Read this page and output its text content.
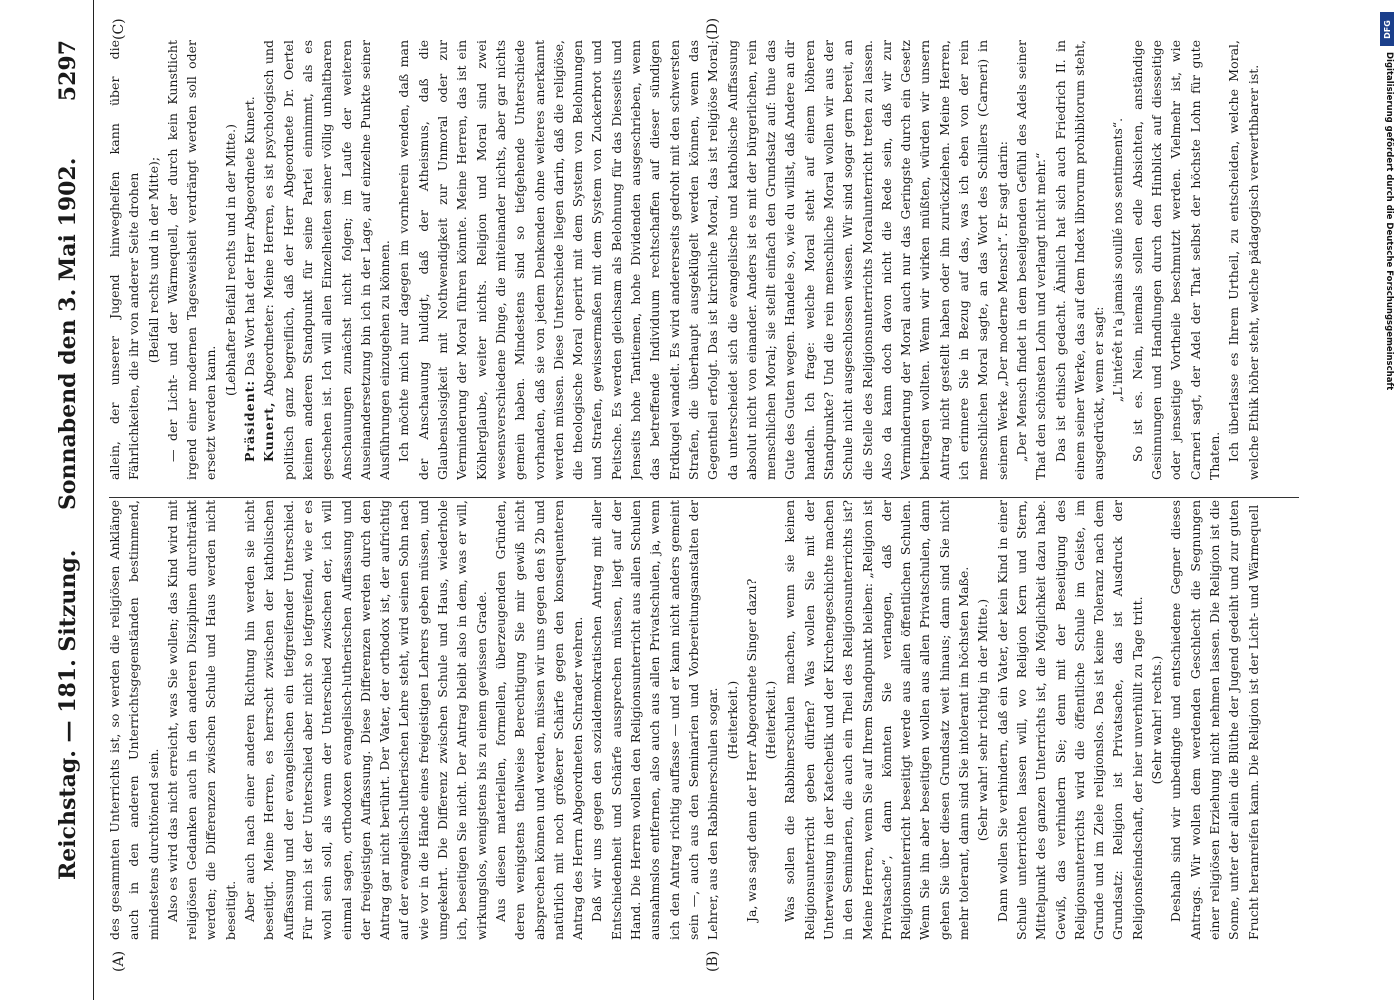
Reichstag. — 181. Sitzung.
Sonnabend den 3. Mai 1902.
5297
(A)	(B)
(C)	(D)

des gesammten Unterrichts ist, so werden die religiösen Anklänge auch in den anderen Unterrichtsgegenständen bestimmend, mindestens durchtönend sein. Also es wird das nicht erreicht, was Sie wollen; das Kind wird mit religiösen Gedanken auch in den anderen Disziplinen durchtränkt werden; die Differenzen zwischen Schule und Haus werden nicht beseitigt. Aber auch nach einer anderen Richtung hin werden sie nicht beseitigt. Meine Herren, es herrscht zwischen der katholischen Auffassung und der evangelischen ein tiefgreifender Unterschied. Für mich ist der Unterschied aber nicht so tiefgreifend, wie er es wohl sein soll, als wenn der Unterschied zwischen der, ich will einmal sagen, orthodoxen evangelisch-lutherischen Auffassung und der freigeistigen Auffassung. Diese Differenzen werden durch den Antrag gar nicht berührt. Der Vater, der orthodox ist, der aufrichtig auf der evangelisch-lutherischen Lehre steht, wird seinen Sohn nach wie vor in die Hände eines freigeistigen Lehrers geben müssen, und umgekehrt. Die Differenz zwischen Schule und Haus, wiederhole ich, beseitigen Sie nicht. Der Antrag bleibt also in dem, was er will, wirkungslos, wenigstens bis zu einem gewissen Grade. Aus diesen materiellen, formellen, überzeugenden Gründen, deren wenigstens theilweise Berechtigung Sie mir gewiß nicht absprechen können und werden, müssen wir uns gegen den § 2b und natürlich mit noch größerer Schärfe gegen den konsequenteren Antrag des Herrn Abgeordneten Schrader wehren. Daß wir uns gegen den sozialdemokratischen Antrag mit aller Entschiedenheit und Schärfe aussprechen müssen, liegt auf der Hand. Die Herren wollen den Religionsunterricht aus allen Schulen ausnahmslos entfernen, also auch aus allen Privatschulen, ja, wenn ich den Antrag richtig auffasse — und er kann nicht anders gemeint sein —, auch aus den Seminarien und Vorbereitungsanstalten der Lehrer, aus den Rabbinerschulen sogar. (Heiterkeit.) Ja, was sagt denn der Herr Abgeordnete Singer dazu? (Heiterkeit.) Was sollen die Rabbinerschulen machen, wenn sie keinen Religionsunterricht geben dürfen? Was wollen Sie mit der Unterweisung in der Katechetik und der Kirchengeschichte machen in den Seminarien, die auch ein Theil des Religionsunterrichts ist? Meine Herren, wenn Sie auf Ihrem Standpunkt bleiben: „Religion ist Privatsache“, dann könnten Sie verlangen, daß der Religionsunterricht beseitigt werde aus allen öffentlichen Schulen. Wenn Sie ihn aber beseitigen wollen aus allen Privatschulen, dann gehen Sie über diesen Grundsatz weit hinaus; dann sind Sie nicht mehr tolerant, dann sind Sie intolerant im höchsten Maße. (Sehr wahr! sehr richtig in der Mitte.) Dann wollen Sie verhindern, daß ein Vater, der kein Kind in einer Schule unterrichten lassen will, wo Religion Kern und Stern, Mittelpunkt des ganzen Unterrichts ist, die Möglichkeit dazu habe. Gewiß, das verhindern Sie; denn mit der Beseitigung des Religionsunterrichts wird die öffentliche Schule im Geiste, im Grunde und im Ziele religionslos. Das ist keine Toleranz nach dem Grundsatz: Religion ist Privatsache, das ist Ausdruck der Religionsfeindschaft, der hier unverhüllt zu Tage tritt. (Sehr wahr! rechts.) Deshalb sind wir unbedingte und entschiedene Gegner dieses Antrags. Wir wollen dem werdenden Geschlecht die Segnungen einer religiösen Erziehung nicht nehmen lassen. Die Religion ist die Sonne, unter der allein die Blüthe der Jugend gedeiht und zur guten Frucht heranreifen kann. Die Religion ist der Licht- und Wärmequell

allein, der unserer Jugend hinweghelfen kann über die Fährlichkeiten, die ihr von anderer Seite drohen (Beifall rechts und in der Mitte); — der Licht- und der Wärmequell, der durch kein Kunstlicht irgend einer modernen Tagesweisheit verdrängt werden soll oder ersetzt werden kann.

(Lebhafter Beifall rechts und in der Mitte.)

Präsident: Das Wort hat der Herr Abgeordnete Kunert.

Kunert, Abgeordneter: Meine Herren, es ist psychologisch und politisch ganz begreiflich, daß der Herr Abgeordnete Dr. Oertel keinen anderen Standpunkt für seine Partei einnimmt, als es geschehen ist. Ich will allen Einzelheiten seiner völlig unhaltbaren Anschauungen zunächst nicht folgen; im Laufe der weiteren Auseinandersetzung bin ich in der Lage, auf einzelne Punkte seiner Ausführungen einzugehen zu können. Ich möchte mich nur dagegen im vornherein wenden, daß man der Anschauung huldigt, daß der Atheismus, daß die Glaubenslosigkeit mit Nothwendigkeit zur Unmoral oder zur Verminderung der Moral führen könnte. Meine Herren, das ist ein Köhlerglaube, weiter nichts. Religion und Moral sind zwei wesensverschiedene Dinge, die miteinander nichts, aber gar nichts gemein haben. Mindestens sind so tiefgehende Unterschiede vorhanden, daß sie von jedem Denkenden ohne weiteres anerkannt werden müssen. Diese Unterschiede liegen darin, daß die religiöse, die theologische Moral operirt mit dem System von Belohnungen und Strafen, gewissermaßen mit dem System von Zuckerbrot und Peitsche. Es werden gleichsam als Belohnung für das Diesseits und Jenseits hohe Tantiemen, hohe Dividenden ausgeschrieben, wenn das betreffende Individuum rechtschaffen auf dieser sündigen Erdkugel wandelt. Es wird andererseits gedroht mit den schwersten Strafen, die überhaupt ausgeklügelt werden können, wenn das Gegentheil erfolgt. Das ist kirchliche Moral, das ist religiöse Moral; da unterscheidet sich die evangelische und katholische Auffassung absolut nicht von einander. Anders ist es mit der bürgerlichen, rein menschlichen Moral; sie stellt einfach den Grundsatz auf: thue das Gute des Guten wegen. Handele so, wie du willst, daß Andere an dir handeln. Ich frage: welche Moral steht auf einem höheren Standpunkte? Und die rein menschliche Moral wollen wir aus der Schule nicht ausgeschlossen wissen. Wir sind sogar gern bereit, an die Stelle des Religionsunterrichts Moralunterricht treten zu lassen. Also da kann doch davon nicht die Rede sein, daß wir zur Verminderung der Moral auch nur das Geringste durch ein Gesetz beitragen wollten. Wenn wir wirken müßten, würden wir unsern Antrag nicht gestellt haben oder ihn zurückziehen. Meine Herren, ich erinnere Sie in Bezug auf das, was ich eben von der rein menschlichen Moral sagte, an das Wort des Schillers (Carneri) in seinem Werke „Der moderne Mensch“. Er sagt darin: „Der Mensch findet in dem beseligenden Gefühl des Adels seiner That den schönsten Lohn und verlangt nicht mehr.“ Das ist ethisch gedacht. Ähnlich hat sich auch Friedrich II. in einem seiner Werke, das auf dem Index librorum prohibitorum steht, ausgedrückt, wenn er sagt: „L'intérêt n'a jamais souillé nos sentiments“. So ist es. Nein, niemals sollen edle Absichten, anständige Gesinnungen und Handlungen durch den Hinblick auf diesseitige oder jenseitige Vortheile beschmutzt werden. Vielmehr ist, wie Carneri sagt, der Adel der That selbst der höchste Lohn für gute Thaten. Ich überlasse es Ihrem Urtheil, zu entscheiden, welche Moral, welche Ethik höher steht, welche pädagogisch verwerthbarer ist.

DFG
Digitalisierung gefördert durch die Deutsche Forschungsgemeinschaft
